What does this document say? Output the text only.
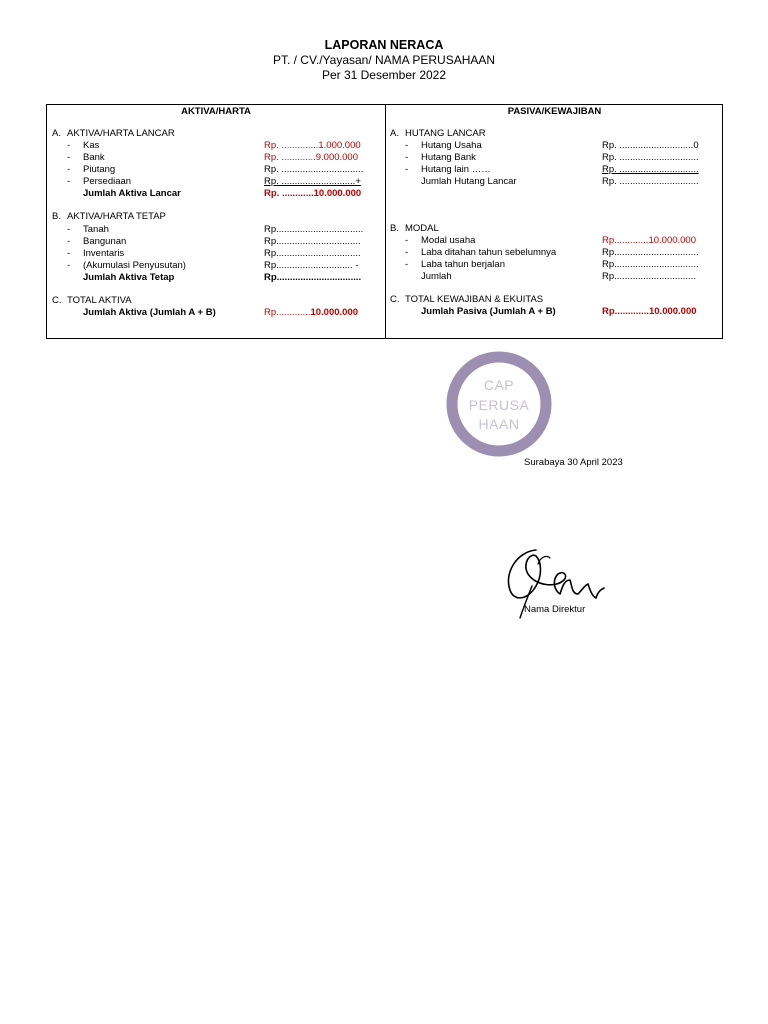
LAPORAN NERACA
PT. / CV./Yayasan/ NAMA PERUSAHAAN
Per 31 Desember 2022
AKTIVA/HARTA
A. AKTIVA/HARTA LANCAR
- Kas	Rp. ..............1.000.000
- Bank	Rp. .............9.000.000
- Piutang	Rp. ...............................
- Persediaan	Rp. ............................+
Jumlah Aktiva Lancar	Rp. ............10.000.000
B. AKTIVA/HARTA TETAP
- Tanah	Rp.................................
- Bangunan	Rp................................
- Inventaris	Rp................................
- (Akumulasi Penyusutan)	Rp............................. -
Jumlah Aktiva Tetap	Rp................................
C. TOTAL AKTIVA
Jumlah Aktiva (Jumlah A + B)	Rp.............10.000.000
PASIVA/KEWAJIBAN
A. HUTANG LANCAR
- Hutang Usaha	Rp. ............................0
- Hutang Bank	Rp. ..............................
- Hutang lain ……	Rp. ..............................
Jumlah Hutang Lancar	Rp. ..............................
B. MODAL
- Modal usaha	Rp.............10.000.000
- Laba ditahan tahun sebelumnya	Rp................................
- Laba tahun berjalan	Rp................................
Jumlah	Rp...............................
C. TOTAL KEWAJIBAN & EKUITAS
Jumlah Pasiva (Jumlah A + B)	Rp.............10.000.000
CAP
PERUSA
HAAN
Surabaya 30 April 2023
Nama Direktur
